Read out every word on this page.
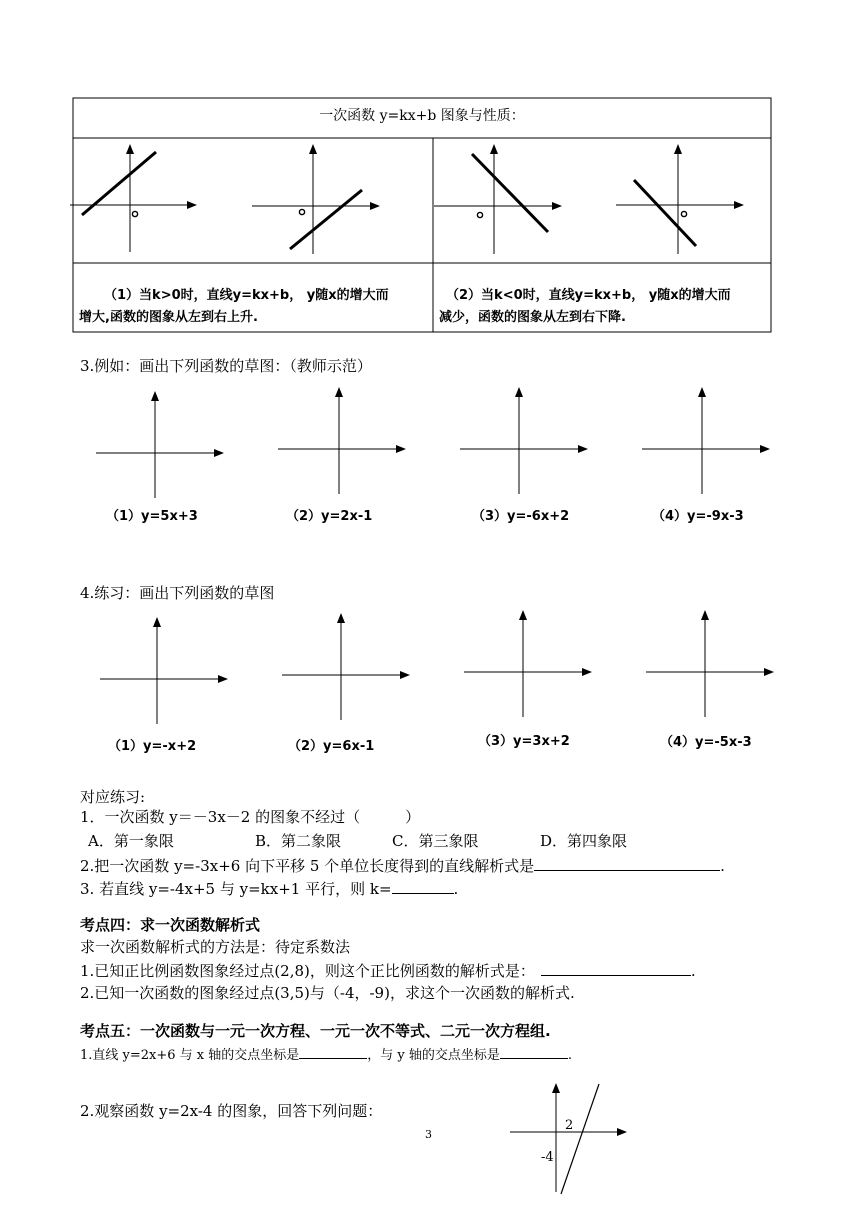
一次函数 y=kx+b 图象与性质：
（1）当k>0时，直线y=kx+b， y随x的增大而
增大,函数的图象从左到右上升.
（2）当k<0时，直线y=kx+b， y随x的增大而
减少，函数的图象从左到右下降.
3.例如：画出下列函数的草图：（教师示范）
（1）y=5x+3	（2）y=2x-1	（3）y=-6x+2	（4）y=-9x-3
4.练习：画出下列函数的草图
（1）y=-x+2	（2）y=6x-1	（3）y=3x+2	（4）y=-5x-3
对应练习:
1．一次函数 y＝－3x－2 的图象不经过（　　　）
A．第一象限	B．第二象限	C．第三象限	D．第四象限
2.把一次函数 y=-3x+6 向下平移 5 个单位长度得到的直线解析式是	.
3. 若直线 y=-4x+5 与 y=kx+1 平行，则 k=	.
考点四：求一次函数解析式
求一次函数解析式的方法是：待定系数法
1.已知正比例函数图象经过点(2,8)，则这个正比例函数的解析式是：	.
2.已知一次函数的图象经过点(3,5)与（-4，-9)，求这个一次函数的解析式.
考点五：一次函数与一元一次方程、一元一次不等式、二元一次方程组.
1.直线 y=2x+6 与 x 轴的交点坐标是	，与 y 轴的交点坐标是	.
2.观察函数 y=2x-4 的图象，回答下列问题：
2
-4
3
